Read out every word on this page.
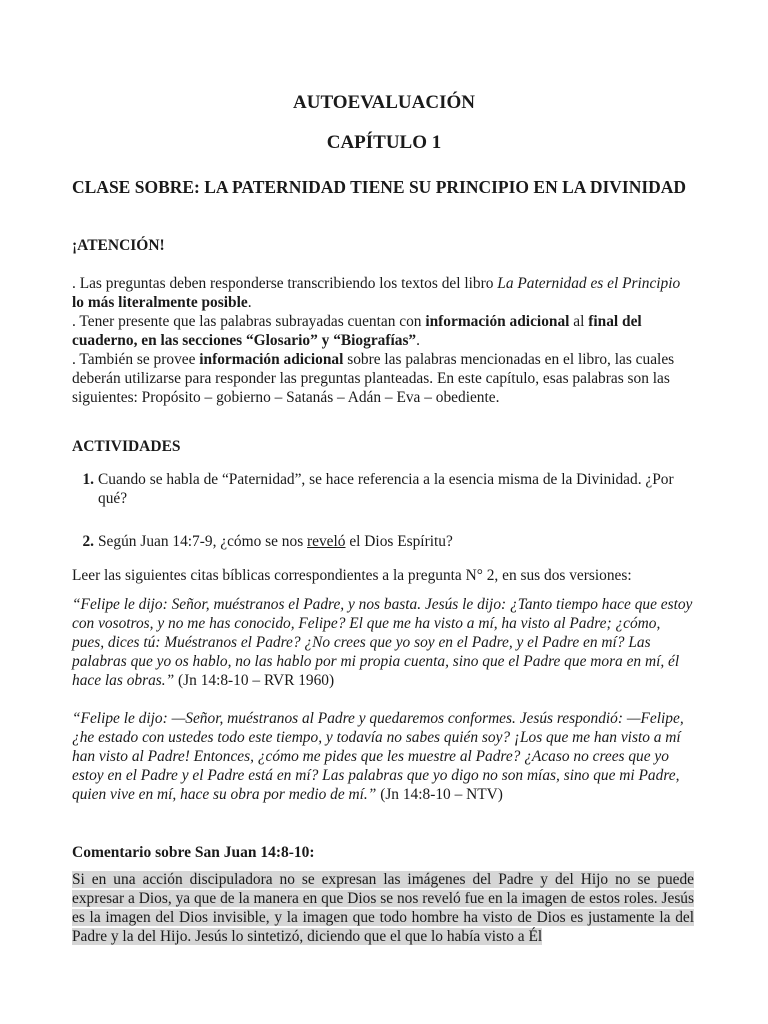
AUTOEVALUACIÓN
CAPÍTULO 1
CLASE SOBRE: LA PATERNIDAD TIENE SU PRINCIPIO EN LA DIVINIDAD
¡ATENCIÓN!

. Las preguntas deben responderse transcribiendo los textos del libro La Paternidad es el Principio lo más literalmente posible.

. Tener presente que las palabras subrayadas cuentan con información adicional al final del cuaderno, en las secciones “Glosario” y “Biografías”.

. También se provee información adicional sobre las palabras mencionadas en el libro, las cuales deberán utilizarse para responder las preguntas planteadas. En este capítulo, esas palabras son las siguientes: Propósito – gobierno – Satanás – Adán – Eva – obediente.

ACTIVIDADES
1. Cuando se habla de “Paternidad”, se hace referencia a la esencia misma de la Divinidad. ¿Por qué?
2. Según Juan 14:7-9, ¿cómo se nos reveló el Dios Espíritu?
Leer las siguientes citas bíblicas correspondientes a la pregunta N° 2, en sus dos versiones:
“Felipe le dijo: Señor, muéstranos el Padre, y nos basta. Jesús le dijo: ¿Tanto tiempo hace que estoy con vosotros, y no me has conocido, Felipe? El que me ha visto a mí, ha visto al Padre; ¿cómo, pues, dices tú: Muéstranos el Padre? ¿No crees que yo soy en el Padre, y el Padre en mí? Las palabras que yo os hablo, no las hablo por mi propia cuenta, sino que el Padre que mora en mí, él hace las obras.” (Jn 14:8-10 – RVR 1960)
“Felipe le dijo: —Señor, muéstranos al Padre y quedaremos conformes. Jesús respondió: —Felipe, ¿he estado con ustedes todo este tiempo, y todavía no sabes quién soy? ¡Los que me han visto a mí han visto al Padre! Entonces, ¿cómo me pides que les muestre al Padre? ¿Acaso no crees que yo estoy en el Padre y el Padre está en mí? Las palabras que yo digo no son mías, sino que mi Padre, quien vive en mí, hace su obra por medio de mí.” (Jn 14:8-10 – NTV)
Comentario sobre San Juan 14:8-10:
Si en una acción discipuladora no se expresan las imágenes del Padre y del Hijo no se puede expresar a Dios, ya que de la manera en que Dios se nos reveló fue en la imagen de estos roles. Jesús es la imagen del Dios invisible, y la imagen que todo hombre ha visto de Dios es justamente la del Padre y la del Hijo. Jesús lo sintetizó, diciendo que el que lo había visto a Él
